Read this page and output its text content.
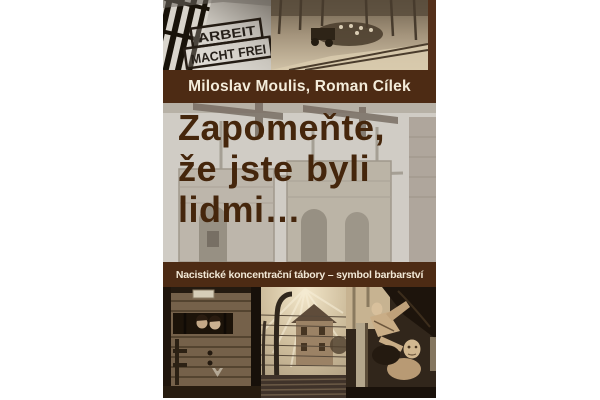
ARBEIT
MACHT FREI
Miloslav Moulis, Roman Cílek
Zapomeňte,
že jste byli
lidmi…
Nacistické koncentrační tábory – symbol barbarství
